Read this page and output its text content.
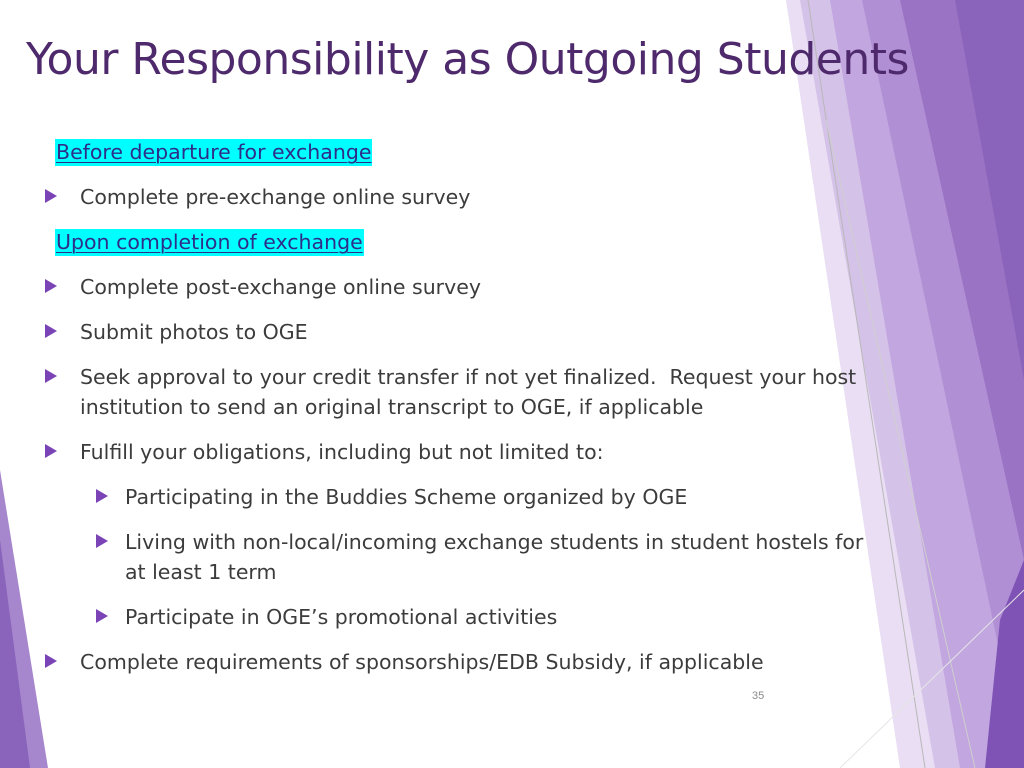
Your Responsibility as Outgoing Students
Before departure for exchange
Complete pre-exchange online survey
Upon completion of exchange
Complete post-exchange online survey
Submit photos to OGE
Seek approval to your credit transfer if not yet finalized.  Request your host
institution to send an original transcript to OGE, if applicable
Fulfill your obligations, including but not limited to:
Participating in the Buddies Scheme organized by OGE
Living with non-local/incoming exchange students in student hostels for
at least 1 term
Participate in OGE’s promotional activities
Complete requirements of sponsorships/EDB Subsidy, if applicable
35
